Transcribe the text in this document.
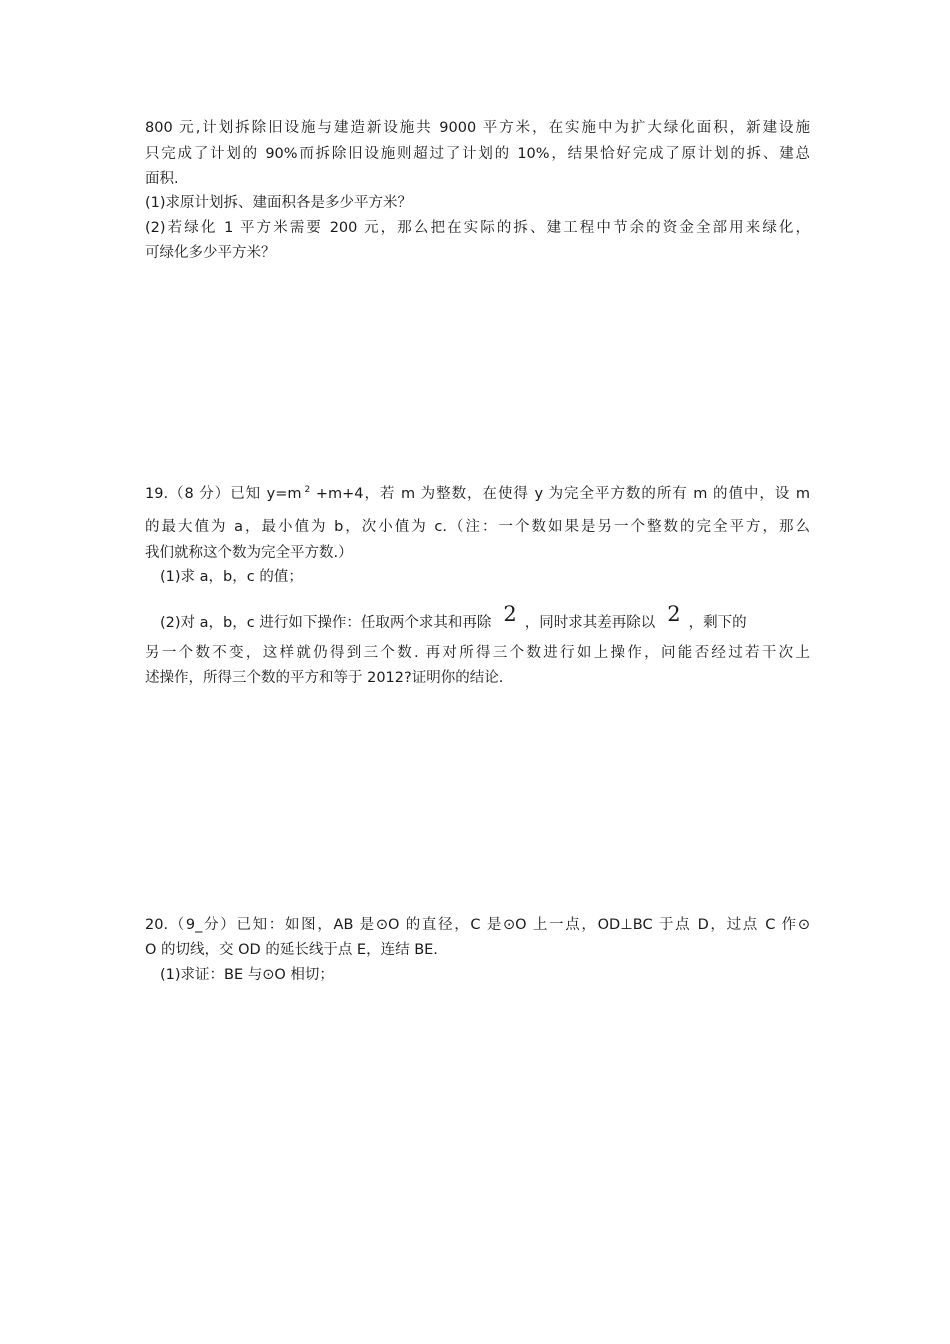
800 元,计划拆除旧设施与建造新设施共 9000 平方米，在实施中为扩大绿化面积，新建设施
只完成了计划的 90%而拆除旧设施则超过了计划的 10%，结果恰好完成了原计划的拆、建总
面积.
(1)求原计划拆、建面积各是多少平方米？
(2)若绿化 1 平方米需要 200 元，那么把在实际的拆、建工程中节余的资金全部用来绿化，
可绿化多少平方米？
19.（8 分）已知 y=m $^2$ +m+4，若 m 为整数，在使得 y 为完全平方数的所有 m 的值中，设 m
的最大值为 a，最小值为 b，次小值为 c.（注：一个数如果是另一个整数的完全平方，那么
我们就称这个数为完全平方数.）
(1)求 a，b，c 的值；
(2)对 a，b，c 进行如下操作：任取两个求其和再除 2 ，同时求其差再除以 2 ，剩下的
另一个数不变，这样就仍得到三个数. 再对所得三个数进行如上操作，问能否经过若干次上
述操作，所得三个数的平方和等于 2012?证明你的结论.
20.（9_分）已知：如图，AB 是⊙O 的直径，C 是⊙O 上一点，OD⊥BC 于点 D，过点 C 作⊙
O 的切线，交 OD 的延长线于点 E，连结 BE.
(1)求证：BE 与⊙O 相切；
